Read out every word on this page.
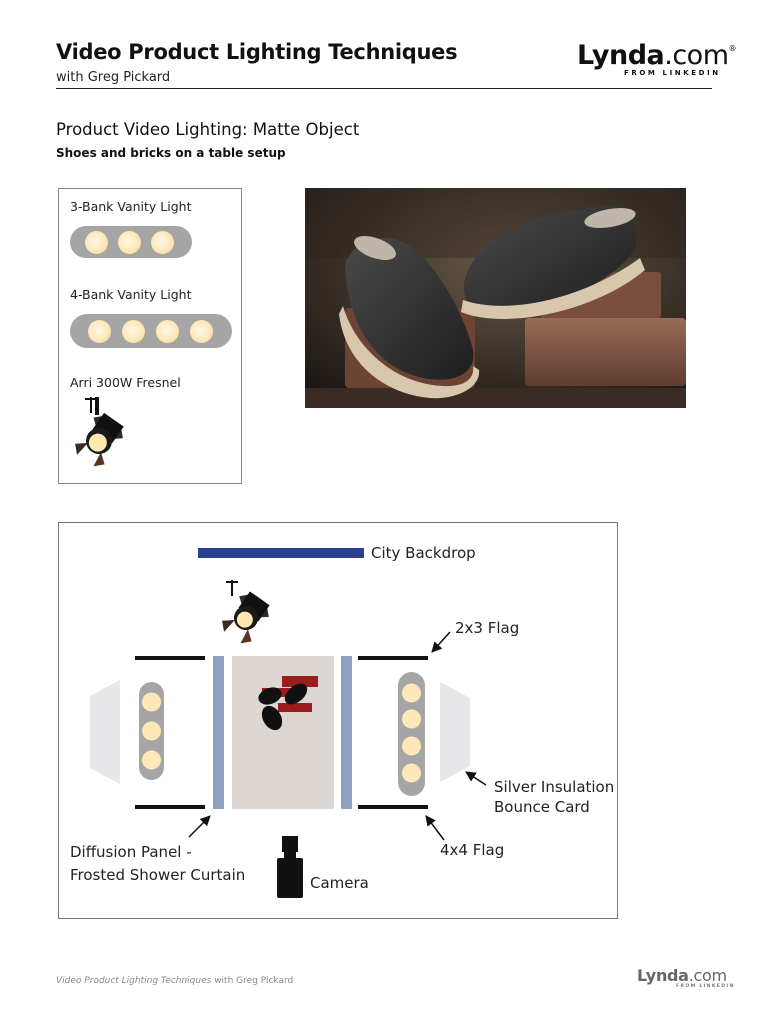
Video Product Lighting Techniques
with Greg Pickard
Lynda.com®
FROM LINKEDIN
Product Video Lighting: Matte Object
Shoes and bricks on a table setup
3-Bank Vanity Light
4-Bank Vanity Light
Arri 300W Fresnel
City Backdrop
2x3 Flag
Silver Insulation
Bounce Card
4x4 Flag
Diffusion Panel -
Frosted Shower Curtain	Camera
Video Product Lighting Techniques with Greg Pickard	Lynda.com
FROM LINKEDIN
